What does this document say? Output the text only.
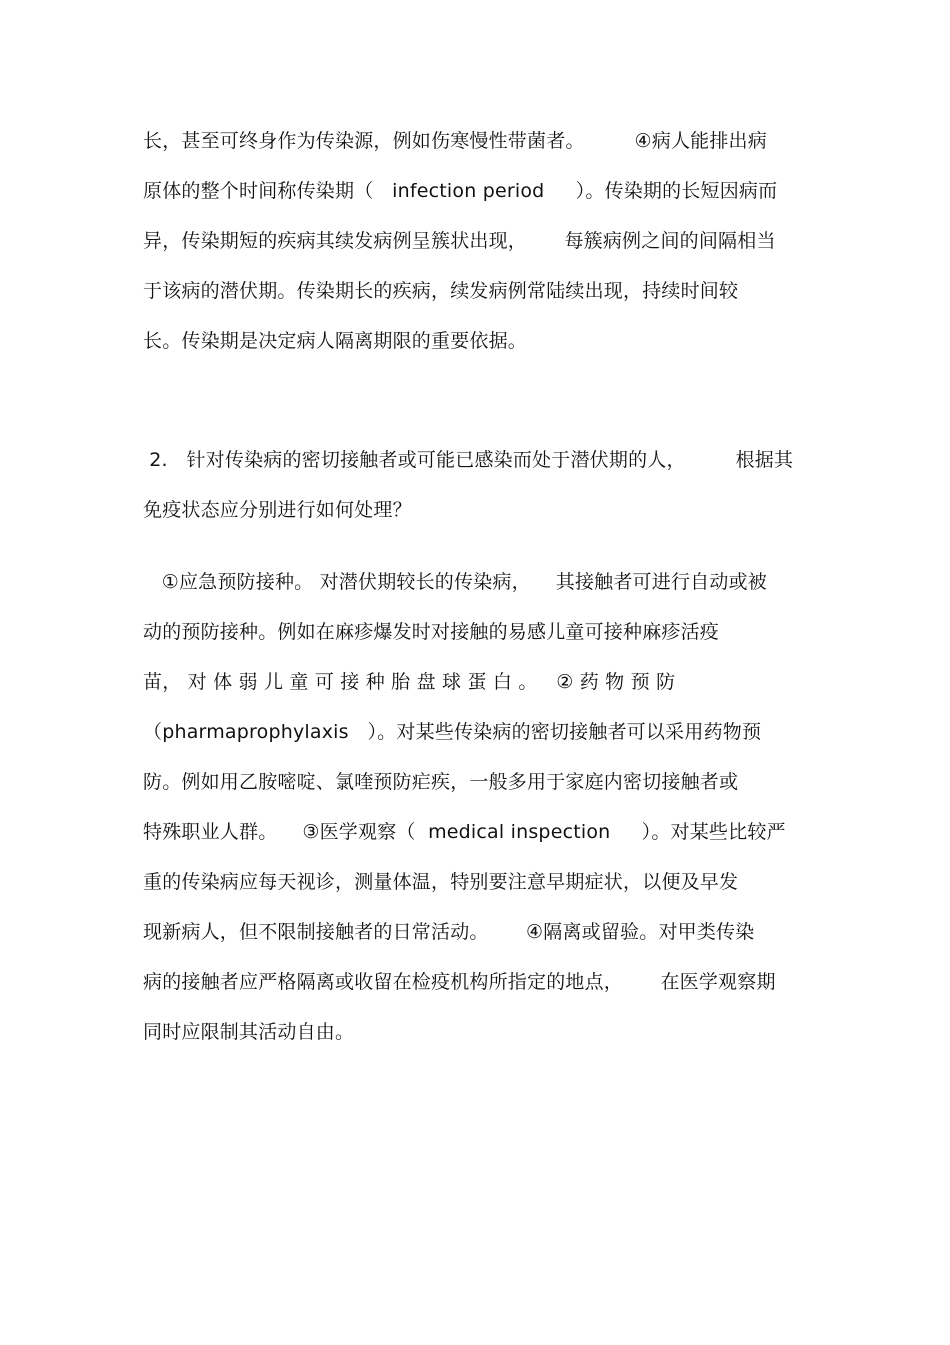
长，甚至可终身作为传染源，例如伤寒慢性带菌者。        ④病人能排出病
原体的整个时间称传染期（   infection period     ）。传染期的长短因病而
异，传染期短的疾病其续发病例呈簇状出现，      每簇病例之间的间隔相当
于该病的潜伏期。传染期长的疾病，续发病例常陆续出现，持续时间较
长。传染期是决定病人隔离期限的重要依据。
2.   针对传染病的密切接触者或可能已感染而处于潜伏期的人，        根据其
免疫状态应分别进行如何处理？
①应急预防接种。 对潜伏期较长的传染病，    其接触者可进行自动或被
动的预防接种。例如在麻疹爆发时对接触的易感儿童可接种麻疹活疫
苗， 对 体 弱 儿 童 可 接 种 胎 盘 球 蛋 白 。   ② 药 物 预 防
（pharmaprophylaxis   ）。对某些传染病的密切接触者可以采用药物预
防。例如用乙胺嘧啶、氯喹预防疟疾，一般多用于家庭内密切接触者或
特殊职业人群。    ③医学观察（  medical inspection     ）。对某些比较严
重的传染病应每天视诊，测量体温，特别要注意早期症状，以便及早发
现新病人，但不限制接触者的日常活动。      ④隔离或留验。对甲类传染
病的接触者应严格隔离或收留在检疫机构所指定的地点，      在医学观察期
同时应限制其活动自由。
